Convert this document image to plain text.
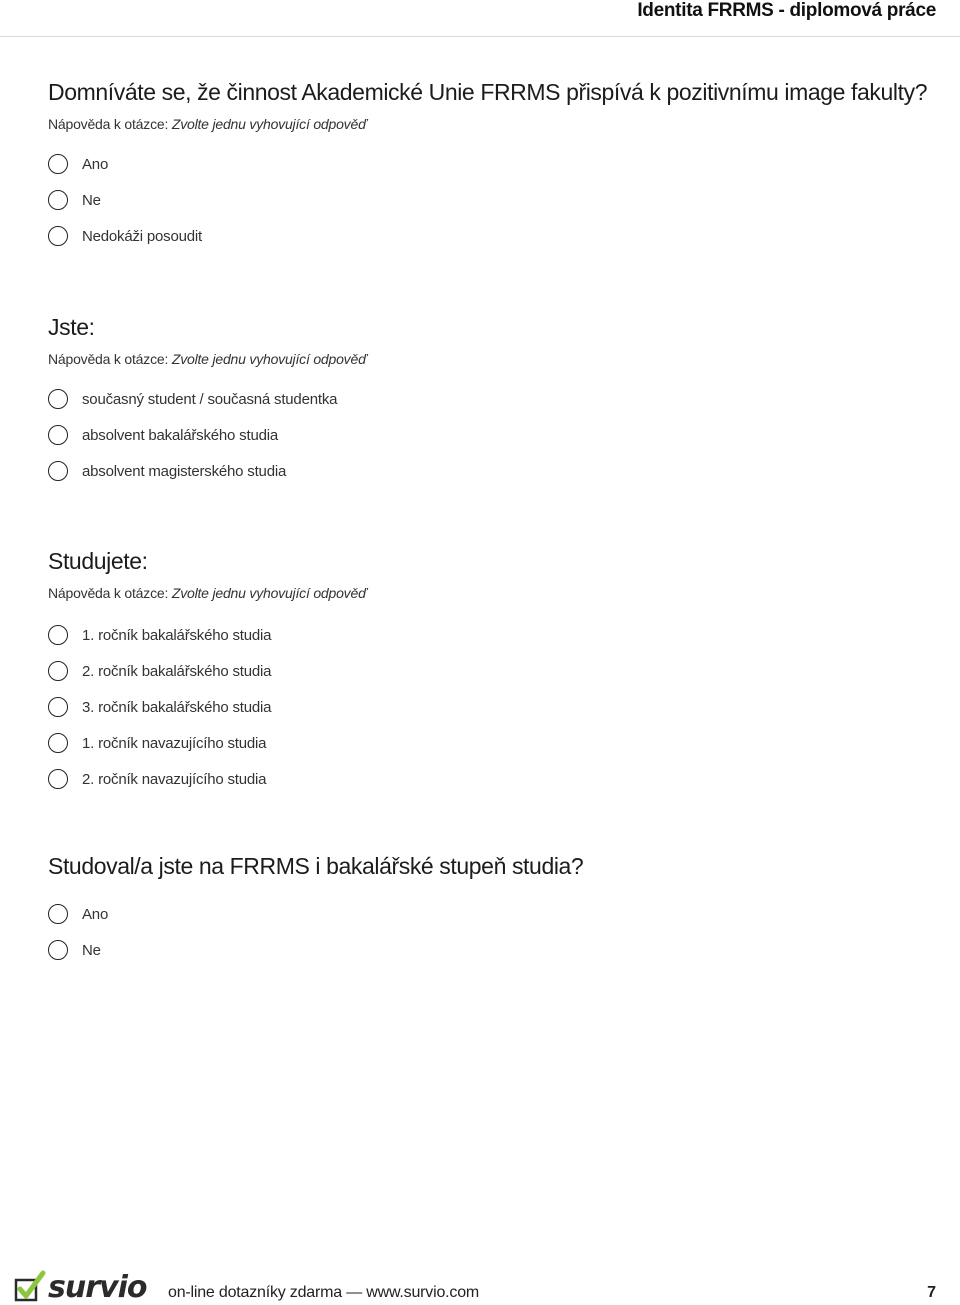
Identita FRRMS - diplomová práce
Domníváte se, že činnost Akademické Unie FRRMS přispívá k pozitivnímu image fakulty?
Nápověda k otázce: Zvolte jednu vyhovující odpověď
Ano
Ne
Nedokáži posoudit
Jste:
Nápověda k otázce: Zvolte jednu vyhovující odpověď
současný student / současná studentka
absolvent bakalářského studia
absolvent magisterského studia
Studujete:
Nápověda k otázce: Zvolte jednu vyhovující odpověď
1. ročník bakalářského studia
2. ročník bakalářského studia
3. ročník bakalářského studia
1. ročník navazujícího studia
2. ročník navazujícího studia
Studoval/a jste na FRRMS i bakalářské stupeň studia?
Ano
Ne
survio on-line dotazníky zdarma — www.survio.com	7
